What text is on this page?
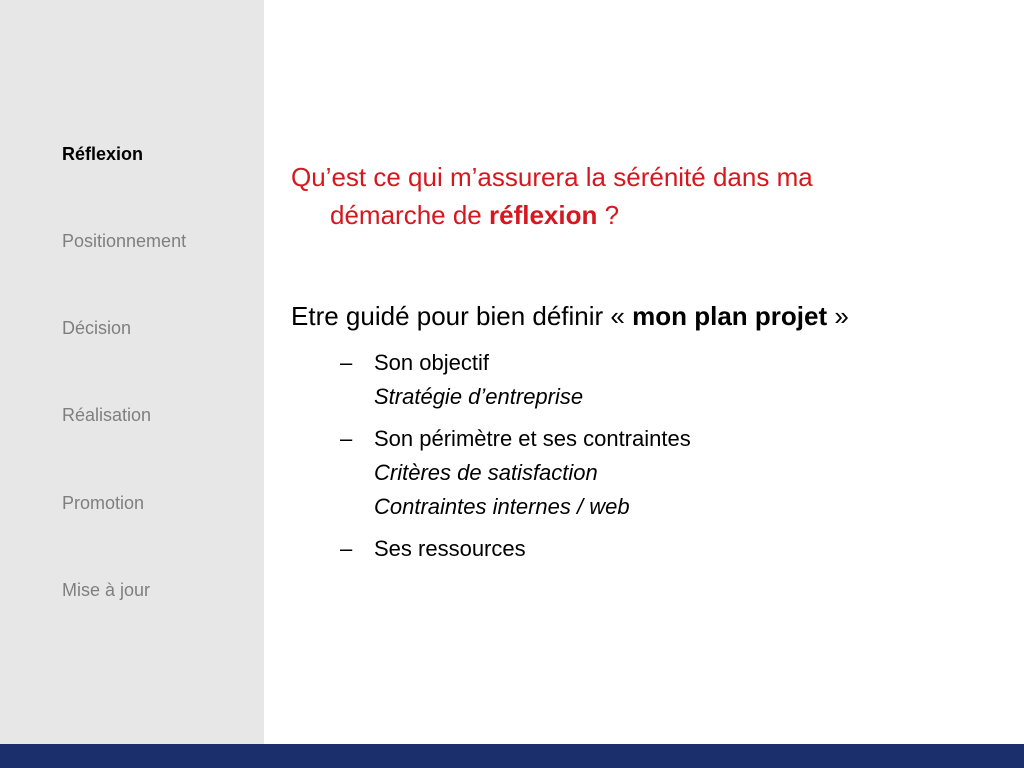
Réflexion
Positionnement
Décision
Réalisation
Promotion
Mise à jour
Qu’est ce qui m’assurera la sérénité dans ma
démarche de réflexion ?
Etre guidé pour bien définir « mon plan projet »
– Son objectif
Stratégie d’entreprise
– Son périmètre et ses contraintes
Critères de satisfaction
Contraintes internes / web
– Ses ressources
